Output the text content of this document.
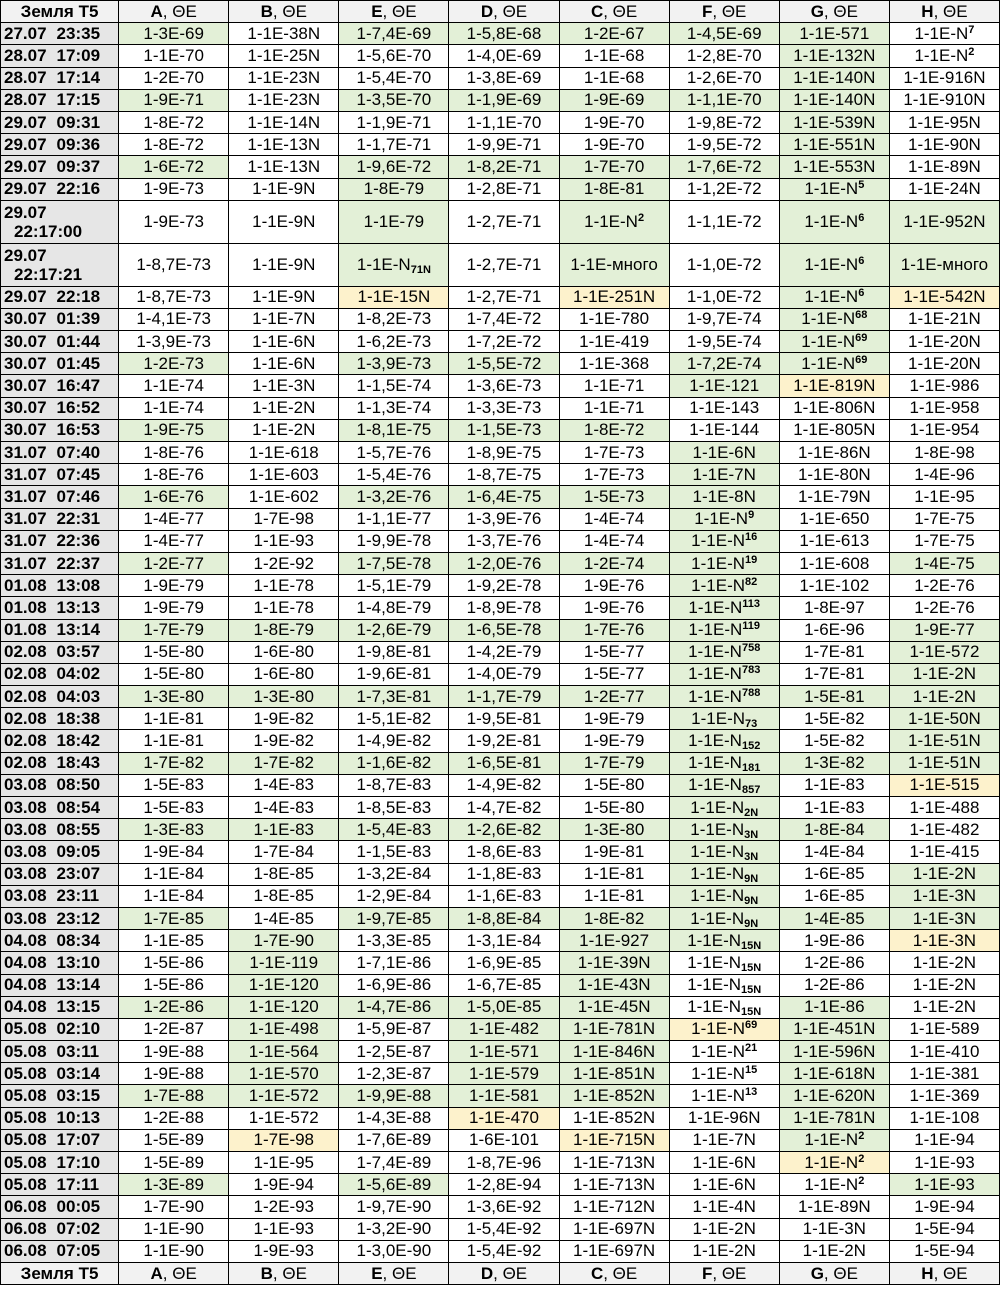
Земля Т5	A, ΘЕ	B, ΘЕ	E, ΘЕ	D, ΘЕ	C, ΘЕ	F, ΘЕ	G, ΘЕ	H, ΘЕ
27.07 23:35	1-3E-69	1-1E-38N	1-7,4E-69	1-5,8E-68	1-2E-67	1-4,5E-69	1-1E-571	$1-1E-N^7$
28.07 17:09	1-1E-70	1-1E-25N	1-5,6E-70	1-4,0E-69	1-1E-68	1-2,8E-70	1-1E-132N	$1-1E-N^2$
28.07 17:14	1-2E-70	1-1E-23N	1-5,4E-70	1-3,8E-69	1-1E-68	1-2,6E-70	1-1E-140N	1-1E-916N
28.07 17:15	1-9E-71	1-1E-23N	1-3,5E-70	1-1,9E-69	1-9E-69	1-1,1E-70	1-1E-140N	1-1E-910N
29.07 09:31	1-8E-72	1-1E-14N	1-1,9E-71	1-1,1E-70	1-9E-70	1-9,8E-72	1-1E-539N	1-1E-95N
29.07 09:36	1-8E-72	1-1E-13N	1-1,7E-71	1-9,9E-71	1-9E-70	1-9,5E-72	1-1E-551N	1-1E-90N
29.07 09:37	1-6E-72	1-1E-13N	1-9,6E-72	1-8,2E-71	1-7E-70	1-7,6E-72	1-1E-553N	1-1E-89N
29.07 22:16	1-9E-73	1-1E-9N	1-8E-79	1-2,8E-71	1-8E-81	1-1,2E-72	$1-1E-N^5$	1-1E-24N
29.07
22:17:00	1-9E-73	1-1E-9N	1-1E-79	1-2,7E-71	$1-1E-N^2$	1-1,1E-72	$1-1E-N^6$	1-1E-952N
29.07
22:17:21	1-8,7E-73	1-1E-9N	$1-1E-N_{71N}$	1-2,7E-71	1-1E-много	1-1,0E-72	$1-1E-N^6$	1-1E-много
29.07 22:18	1-8,7E-73	1-1E-9N	1-1E-15N	1-2,7E-71	1-1E-251N	1-1,0E-72	$1-1E-N^6$	1-1E-542N
30.07 01:39	1-4,1E-73	1-1E-7N	1-8,2E-73	1-7,4E-72	1-1E-780	1-9,7E-74	$1-1E-N^{68}$	1-1E-21N
30.07 01:44	1-3,9E-73	1-1E-6N	1-6,2E-73	1-7,2E-72	1-1E-419	1-9,5E-74	$1-1E-N^{69}$	1-1E-20N
30.07 01:45	1-2E-73	1-1E-6N	1-3,9E-73	1-5,5E-72	1-1E-368	1-7,2E-74	$1-1E-N^{69}$	1-1E-20N
30.07 16:47	1-1E-74	1-1E-3N	1-1,5E-74	1-3,6E-73	1-1E-71	1-1E-121	1-1E-819N	1-1E-986
30.07 16:52	1-1E-74	1-1E-2N	1-1,3E-74	1-3,3E-73	1-1E-71	1-1E-143	1-1E-806N	1-1E-958
30.07 16:53	1-9E-75	1-1E-2N	1-8,1E-75	1-1,5E-73	1-8E-72	1-1E-144	1-1E-805N	1-1E-954
31.07 07:40	1-8E-76	1-1E-618	1-5,7E-76	1-8,9E-75	1-7E-73	1-1E-6N	1-1E-86N	1-8E-98
31.07 07:45	1-8E-76	1-1E-603	1-5,4E-76	1-8,7E-75	1-7E-73	1-1E-7N	1-1E-80N	1-4E-96
31.07 07:46	1-6E-76	1-1E-602	1-3,2E-76	1-6,4E-75	1-5E-73	1-1E-8N	1-1E-79N	1-1E-95
31.07 22:31	1-4E-77	1-7E-98	1-1,1E-77	1-3,9E-76	1-4E-74	$1-1E-N^9$	1-1E-650	1-7E-75
31.07 22:36	1-4E-77	1-1E-93	1-9,9E-78	1-3,7E-76	1-4E-74	$1-1E-N^{16}$	1-1E-613	1-7E-75
31.07 22:37	1-2E-77	1-2E-92	1-7,5E-78	1-2,0E-76	1-2E-74	$1-1E-N^{19}$	1-1E-608	1-4E-75
01.08 13:08	1-9E-79	1-1E-78	1-5,1E-79	1-9,2E-78	1-9E-76	$1-1E-N^{82}$	1-1E-102	1-2E-76
01.08 13:13	1-9E-79	1-1E-78	1-4,8E-79	1-8,9E-78	1-9E-76	$1-1E-N^{113}$	1-8E-97	1-2E-76
01.08 13:14	1-7E-79	1-8E-79	1-2,6E-79	1-6,5E-78	1-7E-76	$1-1E-N^{119}$	1-6E-96	1-9E-77
02.08 03:57	1-5E-80	1-6E-80	1-9,8E-81	1-4,2E-79	1-5E-77	$1-1E-N^{758}$	1-7E-81	1-1E-572
02.08 04:02	1-5E-80	1-6E-80	1-9,6E-81	1-4,0E-79	1-5E-77	$1-1E-N^{783}$	1-7E-81	1-1E-2N
02.08 04:03	1-3E-80	1-3E-80	1-7,3E-81	1-1,7E-79	1-2E-77	$1-1E-N^{788}$	1-5E-81	1-1E-2N
02.08 18:38	1-1E-81	1-9E-82	1-5,1E-82	1-9,5E-81	1-9E-79	$1-1E-N_{73}$	1-5E-82	1-1E-50N
02.08 18:42	1-1E-81	1-9E-82	1-4,9E-82	1-9,2E-81	1-9E-79	$1-1E-N_{152}$	1-5E-82	1-1E-51N
02.08 18:43	1-7E-82	1-7E-82	1-1,6E-82	1-6,5E-81	1-7E-79	$1-1E-N_{181}$	1-3E-82	1-1E-51N
03.08 08:50	1-5E-83	1-4E-83	1-8,7E-83	1-4,9E-82	1-5E-80	$1-1E-N_{857}$	1-1E-83	1-1E-515
03.08 08:54	1-5E-83	1-4E-83	1-8,5E-83	1-4,7E-82	1-5E-80	$1-1E-N_{2N}$	1-1E-83	1-1E-488
03.08 08:55	1-3E-83	1-1E-83	1-5,4E-83	1-2,6E-82	1-3E-80	$1-1E-N_{3N}$	1-8E-84	1-1E-482
03.08 09:05	1-9E-84	1-7E-84	1-1,5E-83	1-8,6E-83	1-9E-81	$1-1E-N_{3N}$	1-4E-84	1-1E-415
03.08 23:07	1-1E-84	1-8E-85	1-3,2E-84	1-1,8E-83	1-1E-81	$1-1E-N_{9N}$	1-6E-85	1-1E-2N
03.08 23:11	1-1E-84	1-8E-85	1-2,9E-84	1-1,6E-83	1-1E-81	$1-1E-N_{9N}$	1-6E-85	1-1E-3N
03.08 23:12	1-7E-85	1-4E-85	1-9,7E-85	1-8,8E-84	1-8E-82	$1-1E-N_{9N}$	1-4E-85	1-1E-3N
04.08 08:34	1-1E-85	1-7E-90	1-3,3E-85	1-3,1E-84	1-1E-927	$1-1E-N_{15N}$	1-9E-86	1-1E-3N
04.08 13:10	1-5E-86	1-1E-119	1-7,1E-86	1-6,9E-85	1-1E-39N	$1-1E-N_{15N}$	1-2E-86	1-1E-2N
04.08 13:14	1-5E-86	1-1E-120	1-6,9E-86	1-6,7E-85	1-1E-43N	$1-1E-N_{15N}$	1-2E-86	1-1E-2N
04.08 13:15	1-2E-86	1-1E-120	1-4,7E-86	1-5,0E-85	1-1E-45N	$1-1E-N_{15N}$	1-1E-86	1-1E-2N
05.08 02:10	1-2E-87	1-1E-498	1-5,9E-87	1-1E-482	1-1E-781N	$1-1E-N^{69}$	1-1E-451N	1-1E-589
05.08 03:11	1-9E-88	1-1E-564	1-2,5E-87	1-1E-571	1-1E-846N	$1-1E-N^{21}$	1-1E-596N	1-1E-410
05.08 03:14	1-9E-88	1-1E-570	1-2,3E-87	1-1E-579	1-1E-851N	$1-1E-N^{15}$	1-1E-618N	1-1E-381
05.08 03:15	1-7E-88	1-1E-572	1-9,9E-88	1-1E-581	1-1E-852N	$1-1E-N^{13}$	1-1E-620N	1-1E-369
05.08 10:13	1-2E-88	1-1E-572	1-4,3E-88	1-1E-470	1-1E-852N	1-1E-96N	1-1E-781N	1-1E-108
05.08 17:07	1-5E-89	1-7E-98	1-7,6E-89	1-6E-101	1-1E-715N	1-1E-7N	$1-1E-N^2$	1-1E-94
05.08 17:10	1-5E-89	1-1E-95	1-7,4E-89	1-8,7E-96	1-1E-713N	1-1E-6N	$1-1E-N^2$	1-1E-93
05.08 17:11	1-3E-89	1-9E-94	1-5,6E-89	1-2,8E-94	1-1E-713N	1-1E-6N	$1-1E-N^2$	1-1E-93
06.08 00:05	1-7E-90	1-2E-93	1-9,7E-90	1-3,6E-92	1-1E-712N	1-1E-4N	1-1E-89N	1-9E-94
06.08 07:02	1-1E-90	1-1E-93	1-3,2E-90	1-5,4E-92	1-1E-697N	1-1E-2N	1-1E-3N	1-5E-94
06.08 07:05	1-1E-90	1-9E-93	1-3,0E-90	1-5,4E-92	1-1E-697N	1-1E-2N	1-1E-2N	1-5E-94
Земля Т5	A, ΘЕ	B, ΘЕ	E, ΘЕ	D, ΘЕ	C, ΘЕ	F, ΘЕ	G, ΘЕ	H, ΘЕ
